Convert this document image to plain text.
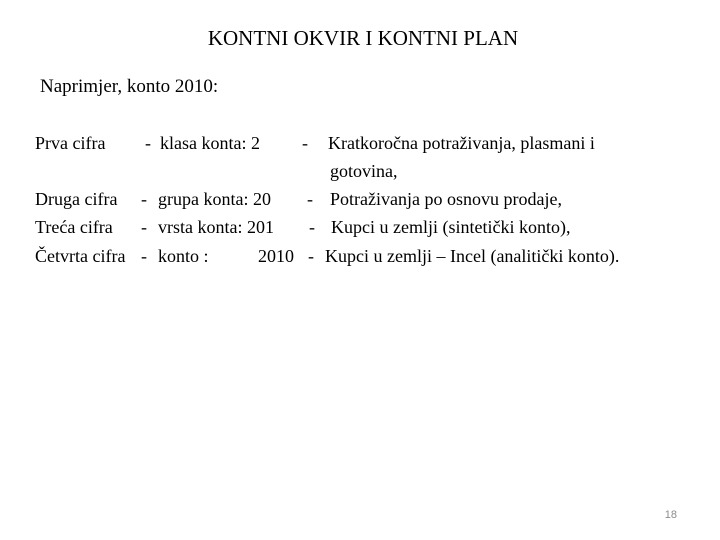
KONTNI OKVIR I KONTNI PLAN
Naprimjer, konto 2010:
Prva cifra - klasa konta: 2 - Kratkoročna potraživanja, plasmani i
gotovina,
Druga cifra - grupa konta: 20 - Potraživanja po osnovu prodaje,
Treća cifra - vrsta konta: 201 - Kupci u zemlji (sintetički konto),
Četvrta cifra - konto :	2010 - Kupci u zemlji – Incel (analitički konto).
18
